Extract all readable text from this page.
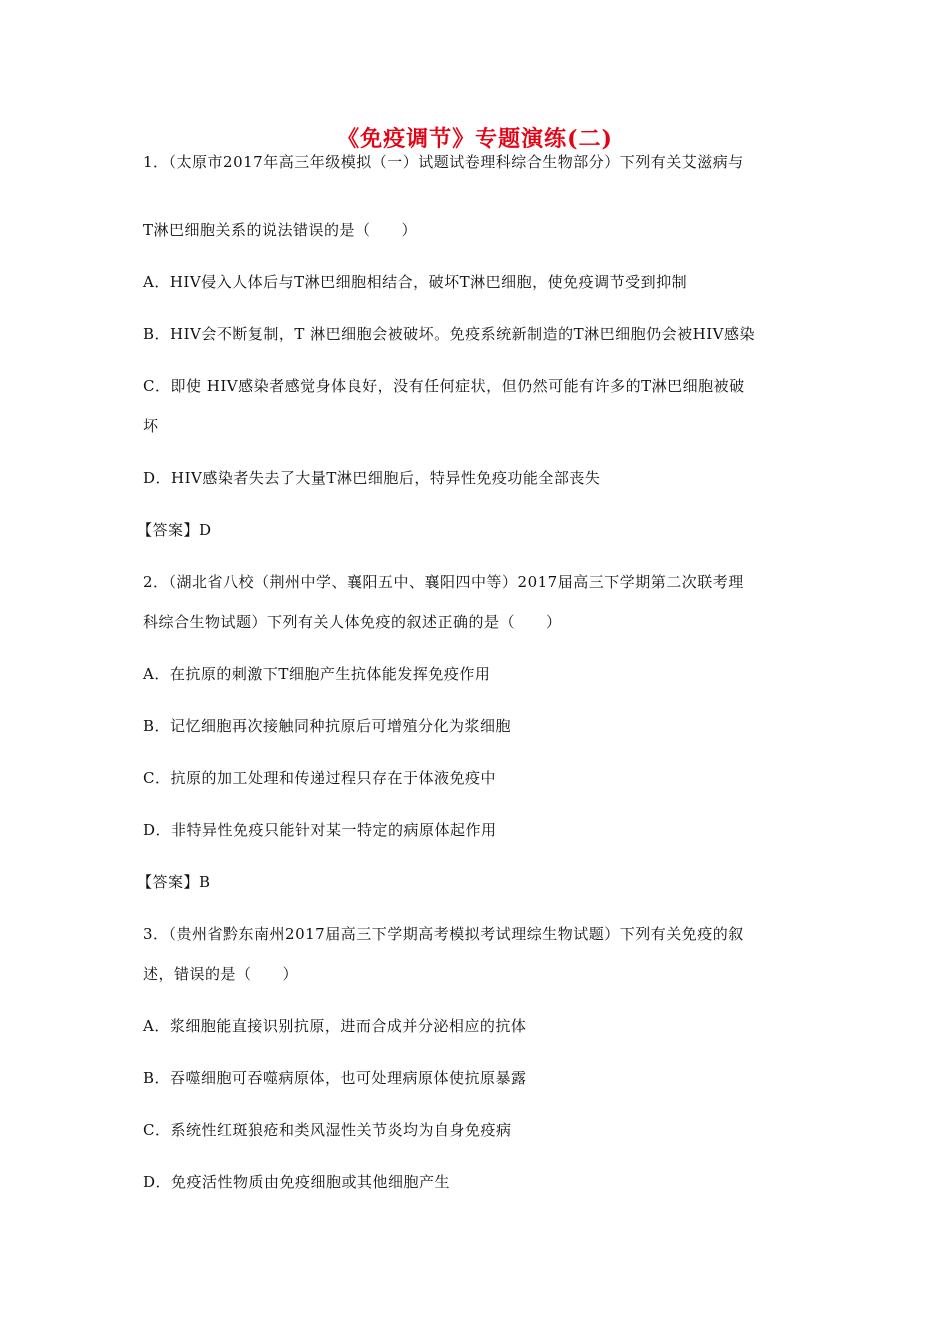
《免疫调节》专题演练(二)
1．（太原市2017年高三年级模拟（一）试题试卷理科综合生物部分）下列有关艾滋病与
T淋巴细胞关系的说法错误的是（　　）
A．HIV侵入人体后与T淋巴细胞相结合，破坏T淋巴细胞，使免疫调节受到抑制
B．HIV会不断复制，T 淋巴细胞会被破坏。免疫系统新制造的T淋巴细胞仍会被HIV感染
C．即使 HIV感染者感觉身体良好，没有任何症状，但仍然可能有许多的T淋巴细胞被破
坏
D．HIV感染者失去了大量T淋巴细胞后，特异性免疫功能全部丧失
【答案】D
2．（湖北省八校（荆州中学、襄阳五中、襄阳四中等）2017届高三下学期第二次联考理
科综合生物试题）下列有关人体免疫的叙述正确的是（　　）
A．在抗原的刺激下T细胞产生抗体能发挥免疫作用
B．记忆细胞再次接触同种抗原后可增殖分化为浆细胞
C．抗原的加工处理和传递过程只存在于体液免疫中
D．非特异性免疫只能针对某一特定的病原体起作用
【答案】B
3．（贵州省黔东南州2017届高三下学期高考模拟考试理综生物试题）下列有关免疫的叙
述，错误的是（　　）
A．浆细胞能直接识别抗原，进而合成并分泌相应的抗体
B．吞噬细胞可吞噬病原体，也可处理病原体使抗原暴露
C．系统性红斑狼疮和类风湿性关节炎均为自身免疫病
D．免疫活性物质由免疫细胞或其他细胞产生
